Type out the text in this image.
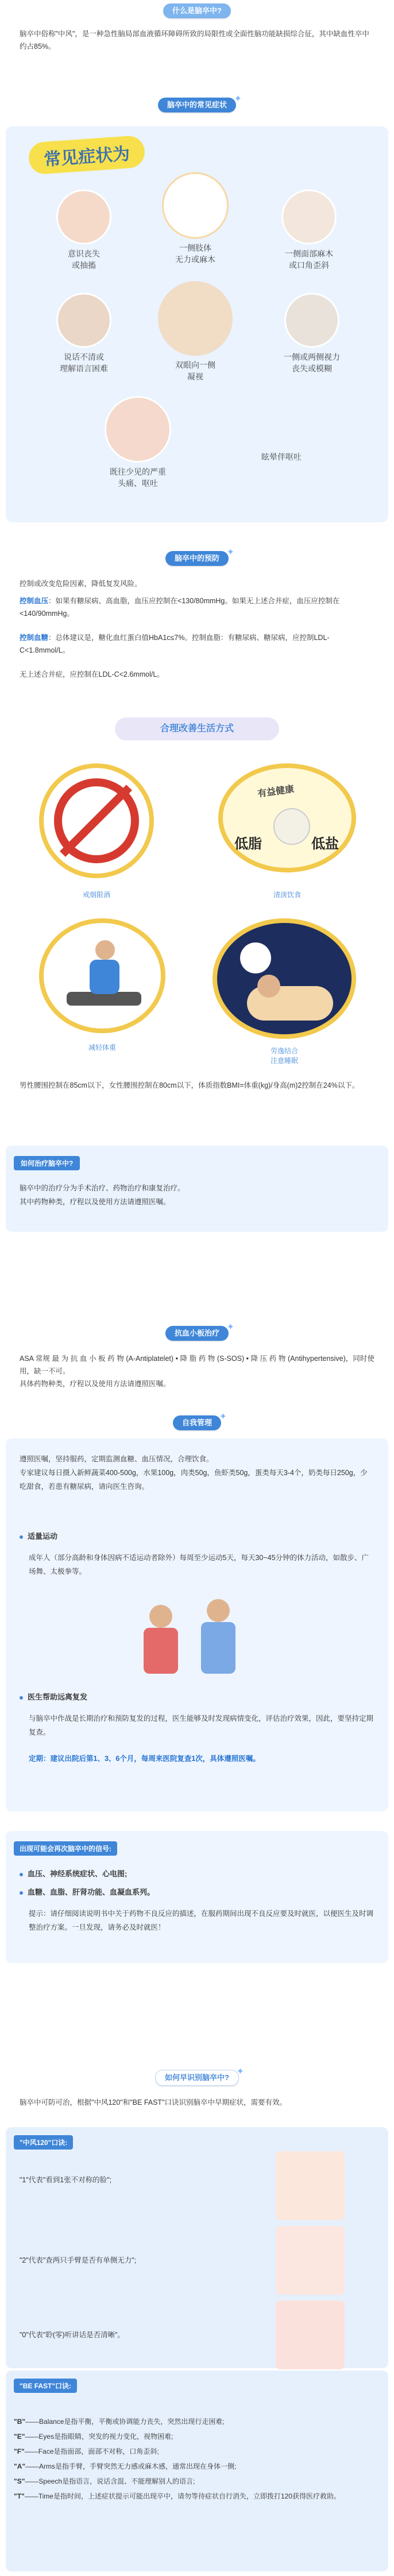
什么是脑卒中?
脑卒中俗称"中风"，是一种急性脑局部血液循环障碍所致的局限性或全面性脑功能缺损综合征，其中缺血性卒中约占85%。
脑卒中的常见症状
✦
常见症状为
意识丧失
或抽搐
一侧肢体
无力或麻木
一侧面部麻木
或口角歪斜
说话不清或
理解语言困难	双眼向一侧
凝视
一侧或两侧视力
丧失或模糊
既往少见的严重
头痛、呕吐
眩晕伴呕吐
脑卒中的预防
✦
控制或改变危险因素，降低复发风险。
控制血压：如果有糖尿病、高血脂，血压应控制在<130/80mmHg。如果无上述合并症，血压应控制在<140/90mmHg。
控制血糖：总体建议是，糖化血红蛋白值HbA1c≤7%。控制血脂：有糖尿病、糖尿病，应控制LDL-C<1.8mmol/L。
无上述合并症，应控制在LDL-C<2.6mmol/L。
合理改善生活方式
戒烟限酒
有益健康
低脂	低盐
清淡饮食
减轻体重	劳逸结合
注意睡眠
男性腰围控制在85cm以下，女性腰围控制在80cm以下，体质指数BMI=体重(kg)/身高(m)2控制在24%以下。
如何治疗脑卒中?
脑卒中的治疗分为手术治疗、药物治疗和康复治疗。
其中药物种类，疗程以及使用方法请遵照医嘱。
抗血小板治疗
✦
ASA 常规 最 为 抗 血 小 板 药 物 (A-Antiplatelet) • 降 脂 药 物 (S-SOS) • 降 压 药 物 (Antihypertensive)，同时使用，缺一不可。
具体药物种类，疗程以及使用方法请遵照医嘱。
自我管理
✦
遵照医嘱，坚持服药，定期监测血糖、血压情况，合理饮食。
专家建议每日摄入新鲜蔬菜400-500g，水果100g，肉类50g，鱼虾类50g，蛋类每天3-4个，奶类每日250g，少吃甜食，若患有糖尿病，请向医生咨询。
适量运动
成年人（部分高龄和身体因病不适运动者除外）每周至少运动5天，每天30~45分钟的体力活动，如散步、广场舞、太极拳等。
医生帮助远离复发
与脑卒中作战是长期治疗和预防复发的过程，医生能够及时发现病情变化，评估治疗效果，因此，要坚持定期复查。
定期：建议出院后第1、3、6个月，每周来医院复查1次，具体遵照医嘱。
出现可能会再次脑卒中的信号:
血压、神经系统症状、心电图;
血糖、血脂、肝肾功能、血凝血系列。
提示：请仔细阅读说明书中关于药物不良反应的描述，在服药期间出现不良反应要及时就医，以便医生及时调整治疗方案。一旦发现，请务必及时就医！
如何早识别脑卒中?
✦
脑卒中可防可治，根据"中风120"和"BE FAST"口诀识别脑卒中早期症状，需要有效。
"中风120"口诀:
"1"代表"看到1张不对称的脸";
"2"代表"查两只手臂是否有单侧无力";
"0"代表"聆(零)听讲话是否清晰"。
"BE FAST"口诀:
"B"——Balance是指平衡，平衡或协调能力丧失，突然出现行走困难;
"E"——Eyes是指眼睛，突发的视力变化，视物困难;
"F"——Face是指面部，面部不对称，口角歪斜;
"A"——Arms是指手臂，手臂突然无力感或麻木感，通常出现在身体一侧;
"S"——Speech是指语言，说话含混、不能理解别人的语言;
"T"——Time是指时间，上述症状提示可能出现卒中，请勿等待症状自行消失，立即拨打120获得医疗救助。
